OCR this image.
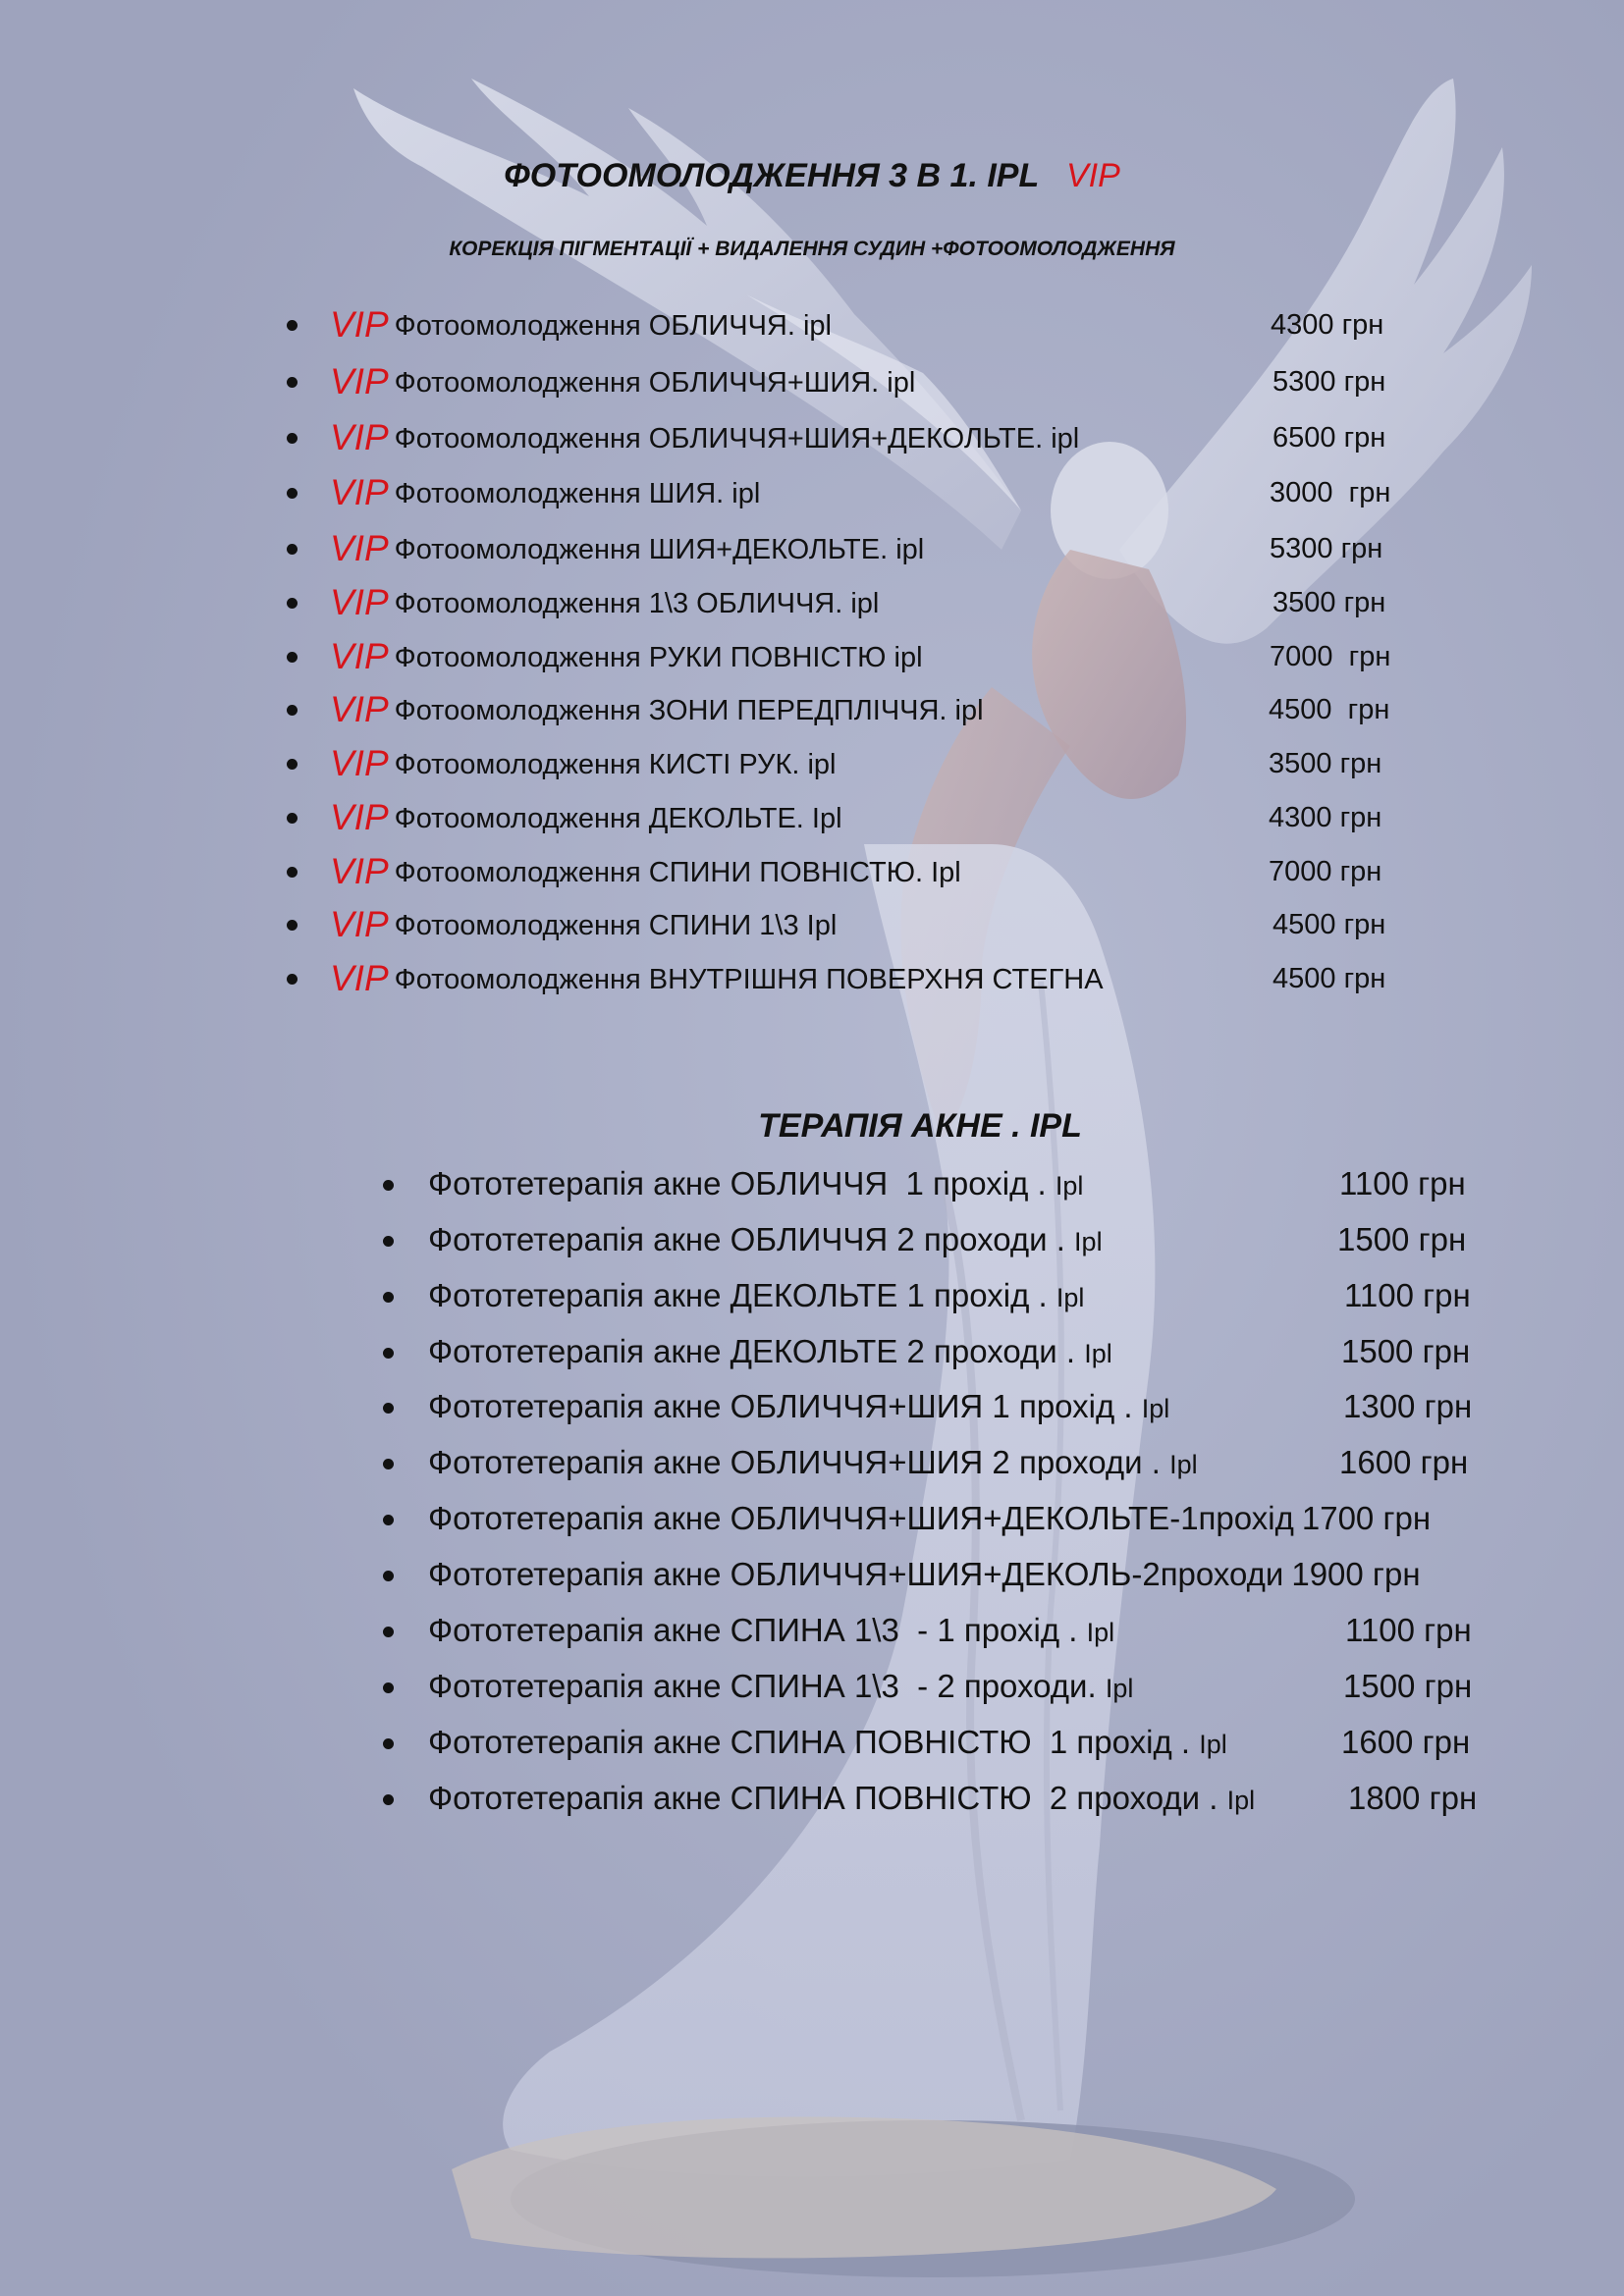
ФОТООМОЛОДЖЕННЯ 3 В 1. IPL VIP
КОРЕКЦІЯ ПІГМЕНТАЦІЇ + ВИДАЛЕННЯ СУДИН +ФОТООМОЛОДЖЕННЯ
VIP Фотоомолодження ОБЛИЧЧЯ. ipl	4300 грн
VIP Фотоомолодження ОБЛИЧЧЯ+ШИЯ. ipl	5300 грн
VIP Фотоомолодження ОБЛИЧЧЯ+ШИЯ+ДЕКОЛЬТЕ. ipl	6500 грн
VIP Фотоомолодження ШИЯ. ipl	3000  грн
VIP Фотоомолодження ШИЯ+ДЕКОЛЬТЕ. ipl	5300 грн
VIP Фотоомолодження 1\3 ОБЛИЧЧЯ. ipl	3500 грн
VIP Фотоомолодження РУКИ ПОВНІСТЮ ipl	7000  грн
VIP Фотоомолодження ЗОНИ ПЕРЕДПЛІЧЧЯ. ipl	4500  грн
VIP Фотоомолодження КИСТІ РУК. ipl	3500 грн
VIP Фотоомолодження ДЕКОЛЬТЕ. Ipl	4300 грн
VIP Фотоомолодження СПИНИ ПОВНІСТЮ. Ipl	7000 грн
VIP Фотоомолодження СПИНИ 1\3 Ipl	4500 грн
VIP Фотоомолодження ВНУТРІШНЯ ПОВЕРХНЯ СТЕГНА	4500 грн
ТЕРАПІЯ АКНЕ . IPL
Фототетерапія акне ОБЛИЧЧЯ  1 прохід . Ipl	1100 грн
Фототетерапія акне ОБЛИЧЧЯ 2 проходи . Ipl	1500 грн
Фототетерапія акне ДЕКОЛЬТЕ 1 прохід . Ipl	1100 грн
Фототетерапія акне ДЕКОЛЬТЕ 2 проходи . Ipl	1500 грн
Фототетерапія акне ОБЛИЧЧЯ+ШИЯ 1 прохід . Ipl	1300 грн
Фототетерапія акне ОБЛИЧЧЯ+ШИЯ 2 проходи . Ipl	1600 грн
Фототетерапія акне ОБЛИЧЧЯ+ШИЯ+ДЕКОЛЬТЕ-1прохід 1700 грн
Фототетерапія акне ОБЛИЧЧЯ+ШИЯ+ДЕКОЛЬ-2проходи 1900 грн
Фототетерапія акне СПИНА 1\3  - 1 прохід . Ipl	1100 грн
Фототетерапія акне СПИНА 1\3  - 2 проходи. Ipl	1500 грн
Фототетерапія акне СПИНА ПОВНІСТЮ  1 прохід . Ipl	1600 грн
Фототетерапія акне СПИНА ПОВНІСТЮ  2 проходи . Ipl	1800 грн
